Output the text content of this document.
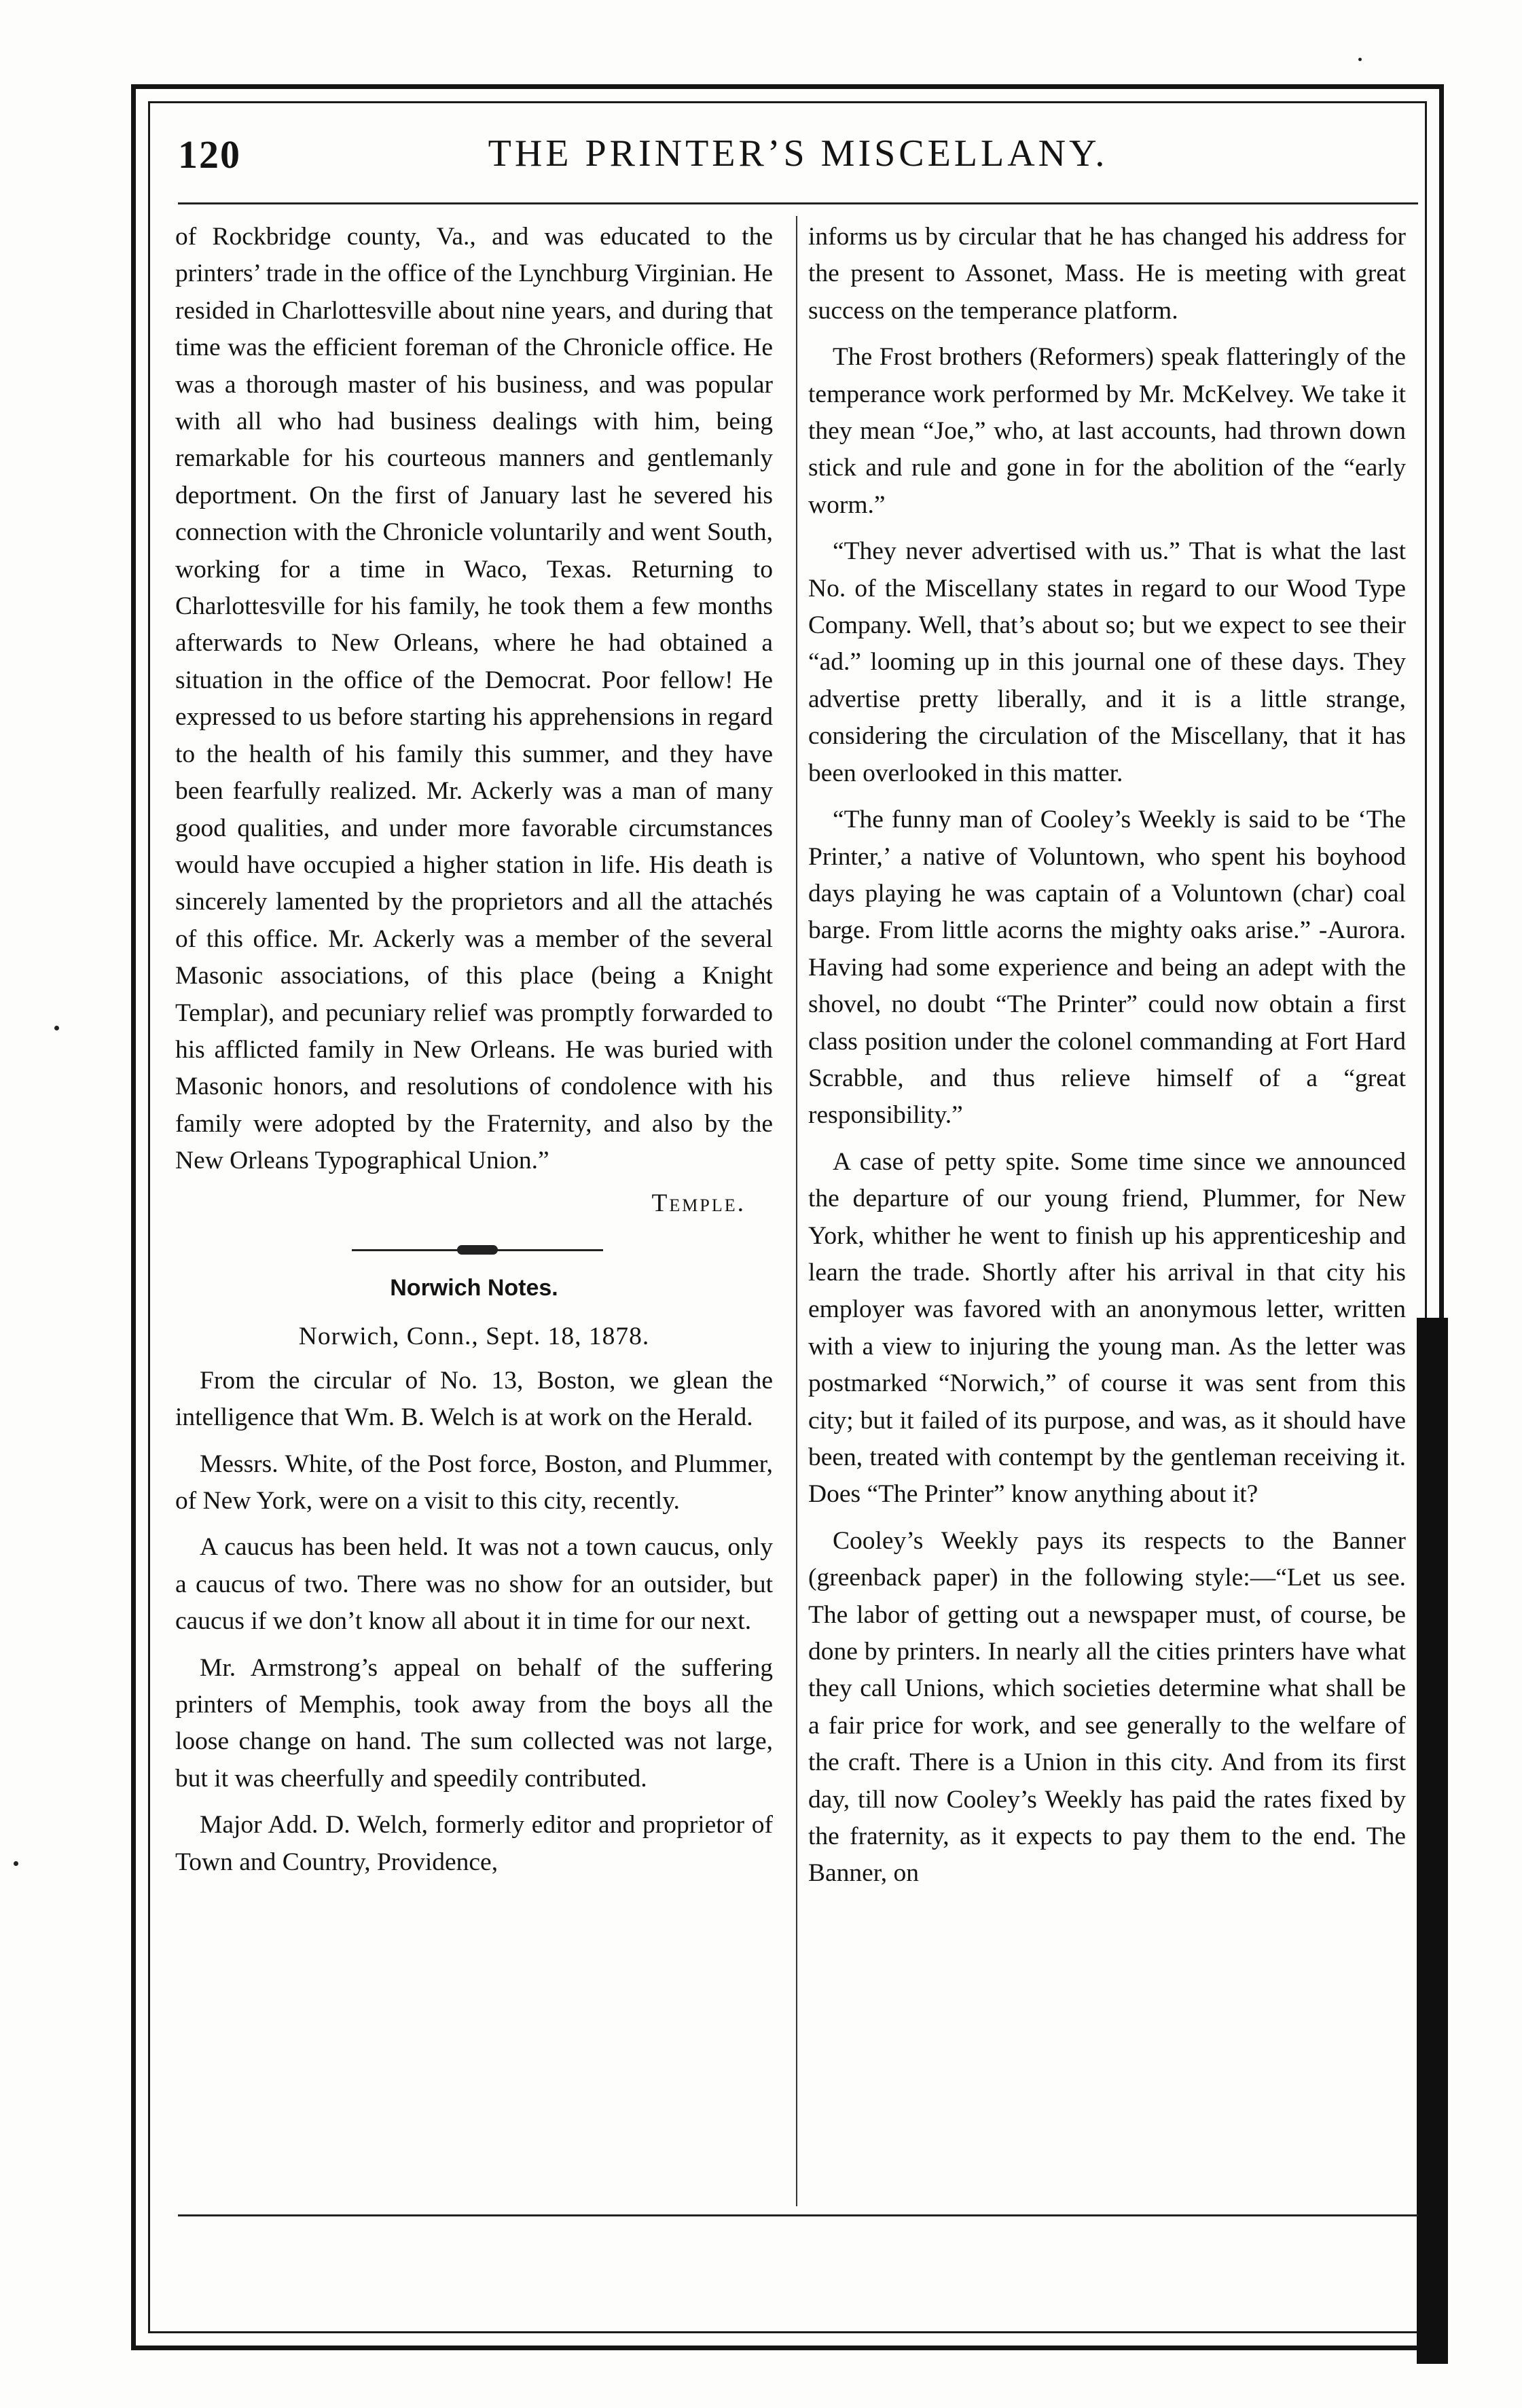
120	THE PRINTER’S MISCELLANY.

of Rockbridge county, Va., and was educated to the printers’ trade in the office of the Lynchburg Virginian. He resided in Charlottesville about nine years, and during that time was the efficient foreman of the Chronicle office. He was a thorough master of his business, and was popular with all who had business dealings with him, being remarkable for his courteous manners and gentlemanly deportment. On the first of January last he severed his connection with the Chronicle voluntarily and went South, working for a time in Waco, Texas. Returning to Charlottesville for his family, he took them a few months afterwards to New Orleans, where he had obtained a situation in the office of the Democrat. Poor fellow! He expressed to us before starting his apprehensions in regard to the health of his family this summer, and they have been fearfully realized. Mr. Ackerly was a man of many good qualities, and under more favorable circumstances would have occupied a higher station in life. His death is sincerely lamented by the proprietors and all the attachés of this office. Mr. Ackerly was a member of the several Masonic associations, of this place (being a Knight Templar), and pecuniary relief was promptly forwarded to his afflicted family in New Orleans. He was buried with Masonic honors, and resolutions of condolence with his family were adopted by the Fraternity, and also by the New Orleans Typographical Union.”

Temple.
Norwich Notes.
Norwich, Conn., Sept. 18, 1878.

From the circular of No. 13, Boston, we glean the intelligence that Wm. B. Welch is at work on the Herald.

Messrs. White, of the Post force, Boston, and Plummer, of New York, were on a visit to this city, recently.

A caucus has been held. It was not a town caucus, only a caucus of two. There was no show for an outsider, but caucus if we don’t know all about it in time for our next.

Mr. Armstrong’s appeal on behalf of the suffering printers of Memphis, took away from the boys all the loose change on hand. The sum collected was not large, but it was cheerfully and speedily contributed.

Major Add. D. Welch, formerly editor and proprietor of Town and Country, Providence,

informs us by circular that he has changed his address for the present to Assonet, Mass. He is meeting with great success on the temperance platform.

The Frost brothers (Reformers) speak flatteringly of the temperance work performed by Mr. McKelvey. We take it they mean “Joe,” who, at last accounts, had thrown down stick and rule and gone in for the abolition of the “early worm.”

“They never advertised with us.” That is what the last No. of the Miscellany states in regard to our Wood Type Company. Well, that’s about so; but we expect to see their “ad.” looming up in this journal one of these days. They advertise pretty liberally, and it is a little strange, considering the circulation of the Miscellany, that it has been overlooked in this matter.

“The funny man of Cooley’s Weekly is said to be ‘The Printer,’ a native of Voluntown, who spent his boyhood days playing he was captain of a Voluntown (char) coal barge. From little acorns the mighty oaks arise.” -Aurora. Having had some experience and being an adept with the shovel, no doubt “The Printer” could now obtain a first class position under the colonel commanding at Fort Hard Scrabble, and thus relieve himself of a “great responsibility.”

A case of petty spite. Some time since we announced the departure of our young friend, Plummer, for New York, whither he went to finish up his apprenticeship and learn the trade. Shortly after his arrival in that city his employer was favored with an anonymous letter, written with a view to injuring the young man. As the letter was postmarked “Norwich,” of course it was sent from this city; but it failed of its purpose, and was, as it should have been, treated with contempt by the gentleman receiving it. Does “The Printer” know anything about it?

Cooley’s Weekly pays its respects to the Banner (greenback paper) in the following style:—“Let us see. The labor of getting out a newspaper must, of course, be done by printers. In nearly all the cities printers have what they call Unions, which societies determine what shall be a fair price for work, and see generally to the welfare of the craft. There is a Union in this city. And from its first day, till now Cooley’s Weekly has paid the rates fixed by the fraternity, as it expects to pay them to the end. The Banner, on
